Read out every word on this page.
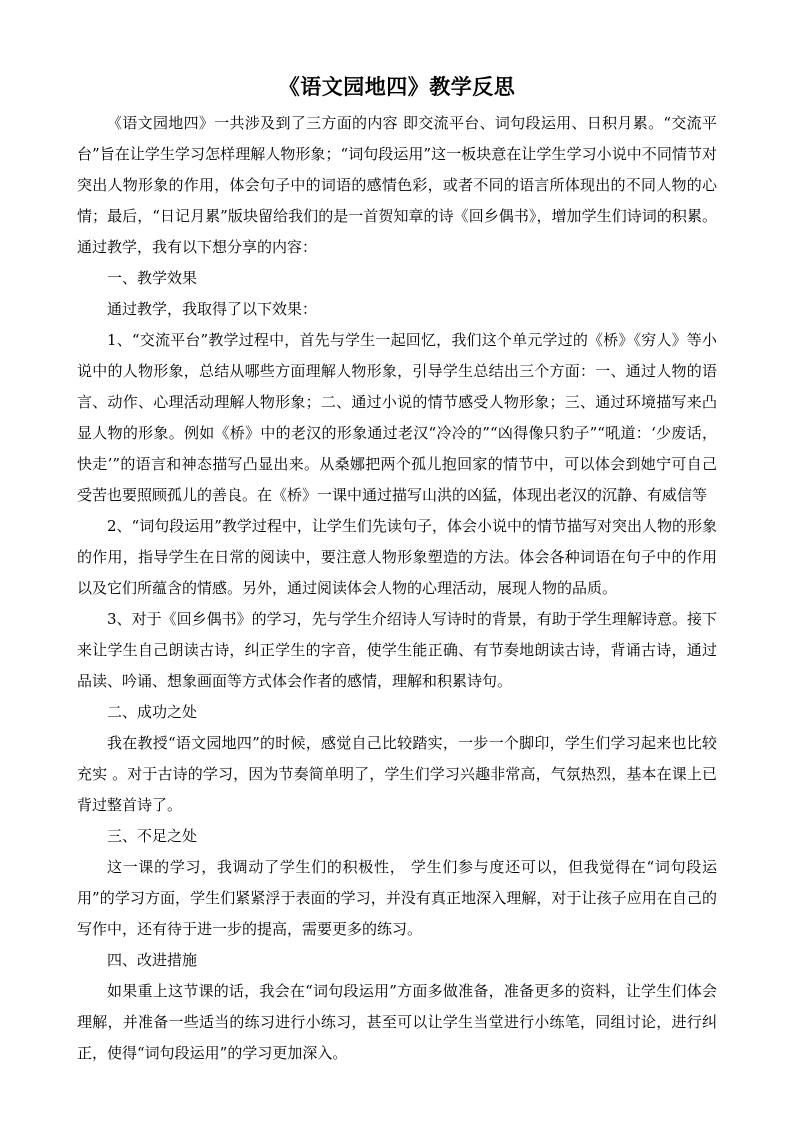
《语文园地四》教学反思

《语文园地四》一共涉及到了三方面的内容 即交流平台、词句段运用、日积月累。“交流平台”旨在让学生学习怎样理解人物形象；“词句段运用”这一板块意在让学生学习小说中不同情节对突出人物形象的作用，体会句子中的词语的感情色彩，或者不同的语言所体现出的不同人物的心情；最后，“日记月累”版块留给我们的是一首贺知章的诗《回乡偶书》，增加学生们诗词的积累。通过教学，我有以下想分享的内容：

一、教学效果

通过教学，我取得了以下效果：

1、“交流平台”教学过程中，首先与学生一起回忆，我们这个单元学过的《桥》《穷人》等小说中的人物形象，总结从哪些方面理解人物形象，引导学生总结出三个方面：一、通过人物的语言、动作、心理活动理解人物形象；二、通过小说的情节感受人物形象；三、通过环境描写来凸显人物的形象。例如《桥》中的老汉的形象通过老汉“冷冷的”“凶得像只豹子”“吼道：‘少废话，快走’”的语言和神态描写凸显出来。从桑娜把两个孤儿抱回家的情节中，可以体会到她宁可自己受苦也要照顾孤儿的善良。在《桥》一课中通过描写山洪的凶猛，体现出老汉的沉静、有威信等

2、“词句段运用”教学过程中，让学生们先读句子，体会小说中的情节描写对突出人物的形象的作用，指导学生在日常的阅读中，要注意人物形象塑造的方法。体会各种词语在句子中的作用以及它们所蕴含的情感。另外，通过阅读体会人物的心理活动，展现人物的品质。

3、对于《回乡偶书》的学习，先与学生介绍诗人写诗时的背景，有助于学生理解诗意。接下来让学生自己朗读古诗，纠正学生的字音，使学生能正确、有节奏地朗读古诗，背诵古诗，通过品读、吟诵、想象画面等方式体会作者的感情，理解和积累诗句。

二、成功之处

我在教授“语文园地四”的时候，感觉自己比较踏实，一步一个脚印，学生们学习起来也比较充实 。对于古诗的学习，因为节奏简单明了，学生们学习兴趣非常高，气氛热烈，基本在课上已背过整首诗了。

三、不足之处

这一课的学习，我调动了学生们的积极性， 学生们参与度还可以，但我觉得在“词句段运用”的学习方面，学生们紧紧浮于表面的学习，并没有真正地深入理解，对于让孩子应用在自己的写作中，还有待于进一步的提高，需要更多的练习。

四、改进措施

如果重上这节课的话，我会在“词句段运用”方面多做准备，准备更多的资料，让学生们体会理解，并准备一些适当的练习进行小练习，甚至可以让学生当堂进行小练笔，同组讨论，进行纠正，使得“词句段运用”的学习更加深入。
